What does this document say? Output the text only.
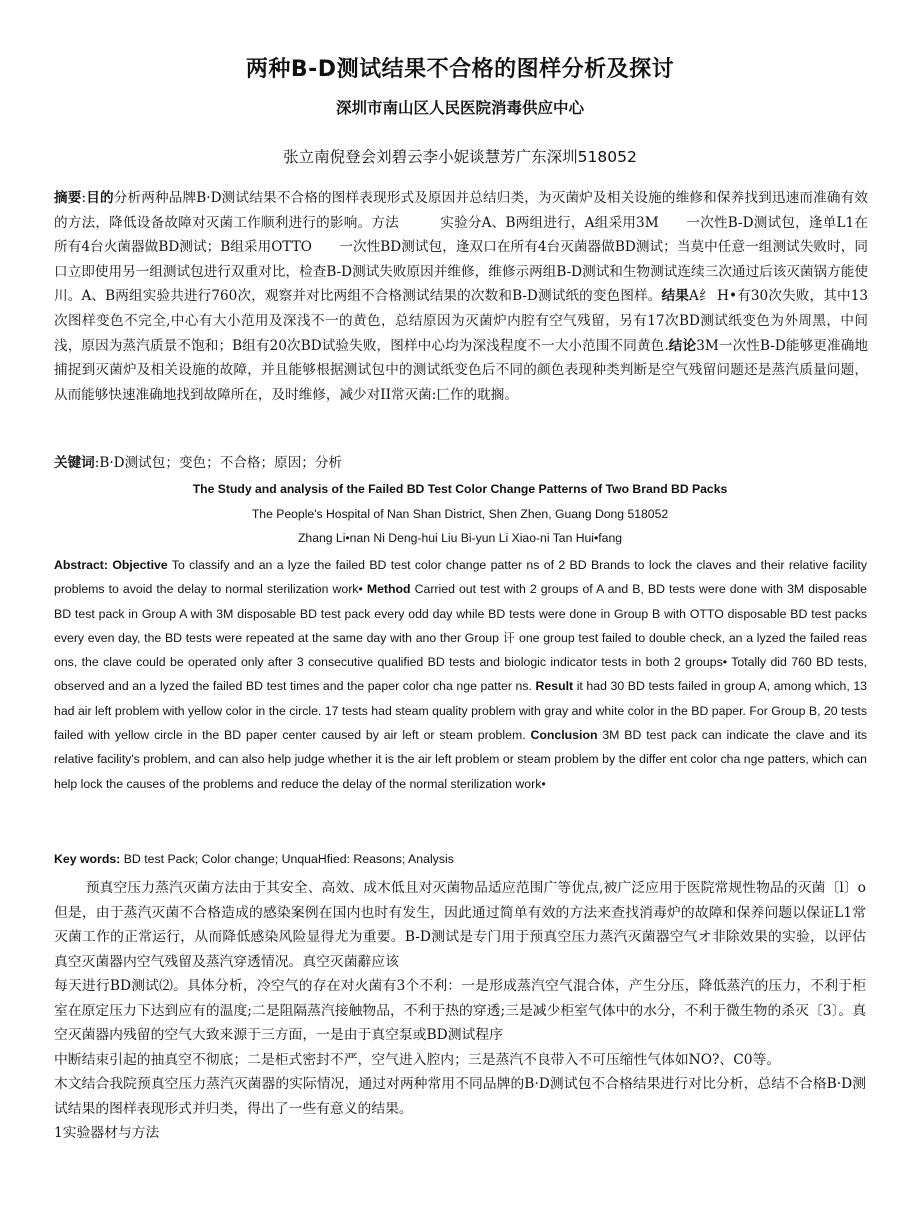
两种B-D测试结果不合格的图样分析及探讨
深圳市南山区人民医院消毒供应中心
张立南倪登会刘碧云李小妮谈慧芳广东深圳518052
摘要:目的分析两种品牌B·D测试结果不合格的图样表现形式及原因并总结归类，为灭菌炉及相关设施的维修和保养找到迅速而准确有效的方法，降低设备故障对灭菌工作顺利进行的影响。方法　　　实验分A、B两组进行，A组采用3M　　一次性B-D测试包，逢单L1在所有4台火菌器做BD测试；B组采用OTTO　　一次性BD测试包，逢双口在所有4台灭菌器做BD测试；当莫中任意一组测试失败时，同口立即使用另一组测试包进行双重对比，检查B-D测试失败原因并维修，维修示两组B-D测试和生物测试连续三次通过后该灭菌锅方能使川。A、B两组实验共进行760次，观察并对比两组不合格测试结果的次数和B-D测试纸的变色图样。结果A纟 H•有30次失败，其中13次图样变色不完全,中心有大小范用及深浅不一的黄色，总结原因为灭菌炉内腔有空气残留，另有17次BD测试纸变色为外周黑，中间浅，原因为蒸汽质景不饱和；B组有20次BD试验失败，图样中心均为深浅程度不一大小范围不同黄色.结论3M一次性B-D能够更准确地捕捉到灭菌炉及相关设施的故障，并且能够根据测试包中的测试纸变色后不同的颜色表现种类判断是空气残留问题还是蒸汽质量问题，从而能够快速准确地找到故障所在，及时维修，减少对II常灭菌:匚作的耽搁。
关键词:B·D测试包；变色；不合格；原因；分析
The Study and analysis of the Failed BD Test Color Change Patterns of Two Brand BD Packs
The People's Hospital of Nan Shan District, Shen Zhen, Guang Dong 518052
Zhang Li•nan Ni Deng-hui Liu Bi-yun Li Xiao-ni Tan Hui•fang
Abstract: Objective To classify and an a lyze the failed BD test color change patter ns of 2 BD Brands to lock the claves and their relative facility problems to avoid the delay to normal sterilization work• Method Carried out test with 2 groups of A and B, BD tests were done with 3M disposable BD test pack in Group A with 3M disposable BD test pack every odd day while BD tests were done in Group B with OTTO disposable BD test packs every even day, the BD tests were repeated at the same day with ano ther Group 讦 one group test failed to double check, an a lyzed the failed reas ons, the clave could be operated only after 3 consecutive qualified BD tests and biologic indicator tests in both 2 groups• Totally did 760 BD tests, observed and an a lyzed the failed BD test times and the paper color cha nge patter ns. Result it had 30 BD tests failed in group A, among which, 13 had air left problem with yellow color in the circle. 17 tests had steam quality problem with gray and white color in the BD paper. For Group B, 20 tests failed with yellow circle in the BD paper center caused by air left or steam problem. Conclusion 3M BD test pack can indicate the clave and its relative facility's problem, and can also help judge whether it is the air left problem or steam problem by the differ ent color cha nge patters, which can help lock the causes of the problems and reduce the delay of the normal sterilization work•
Key words: BD test Pack; Color change; UnquaHfied: Reasons; Analysis

预真空压力蒸汽灭菌方法由于其安全、高效、成木低且对灭菌物品适应范围广等优点,被广泛应用于医院常规性物品的灭菌〔l〕o但是，由于蒸汽灭菌不合格造成的感染案例在国内也时有发生，因此通过简单有效的方法来查找消毒炉的故障和保养问题以保证L1常灭菌工作的正常运行，从而降低感染风险显得尤为重要。B-D测试是专门用于预真空压力蒸汽灭菌器空气オ非除效果的实验，以评估真空灭菌器内空气残留及蒸汽穿透情况。真空灭菌辭应该

每天进行BD测试⑵。具体分析，冷空气的存在对火菌有3个不利：一是形成蒸汽空气混合体，产生分压，降低蒸汽的压力，不利于柜室在原定压力下达到应有的温度;二是阻隔蒸汽接触物品，不利于热的穿透;三是减少柜室气体中的水分，不利于微生物的杀灭〔3〕。真空灭菌器内残留的空气大致来源于三方面，一是由于真空泵或BD测试程序

中断结束引起的抽真空不彻底；二是柜式密封不严，空气进入腔内；三是蒸汽不良带入不可压缩性气体如NO?、C0等。

木文结合我院预真空压力蒸汽灭菌器的实际情况，通过对两种常用不同品牌的B·D测试包不合格结果进行对比分析，总结不合格B·D测试结果的图样表现形式并归类，得出了一些有意义的结果。

1实验器材与方法
